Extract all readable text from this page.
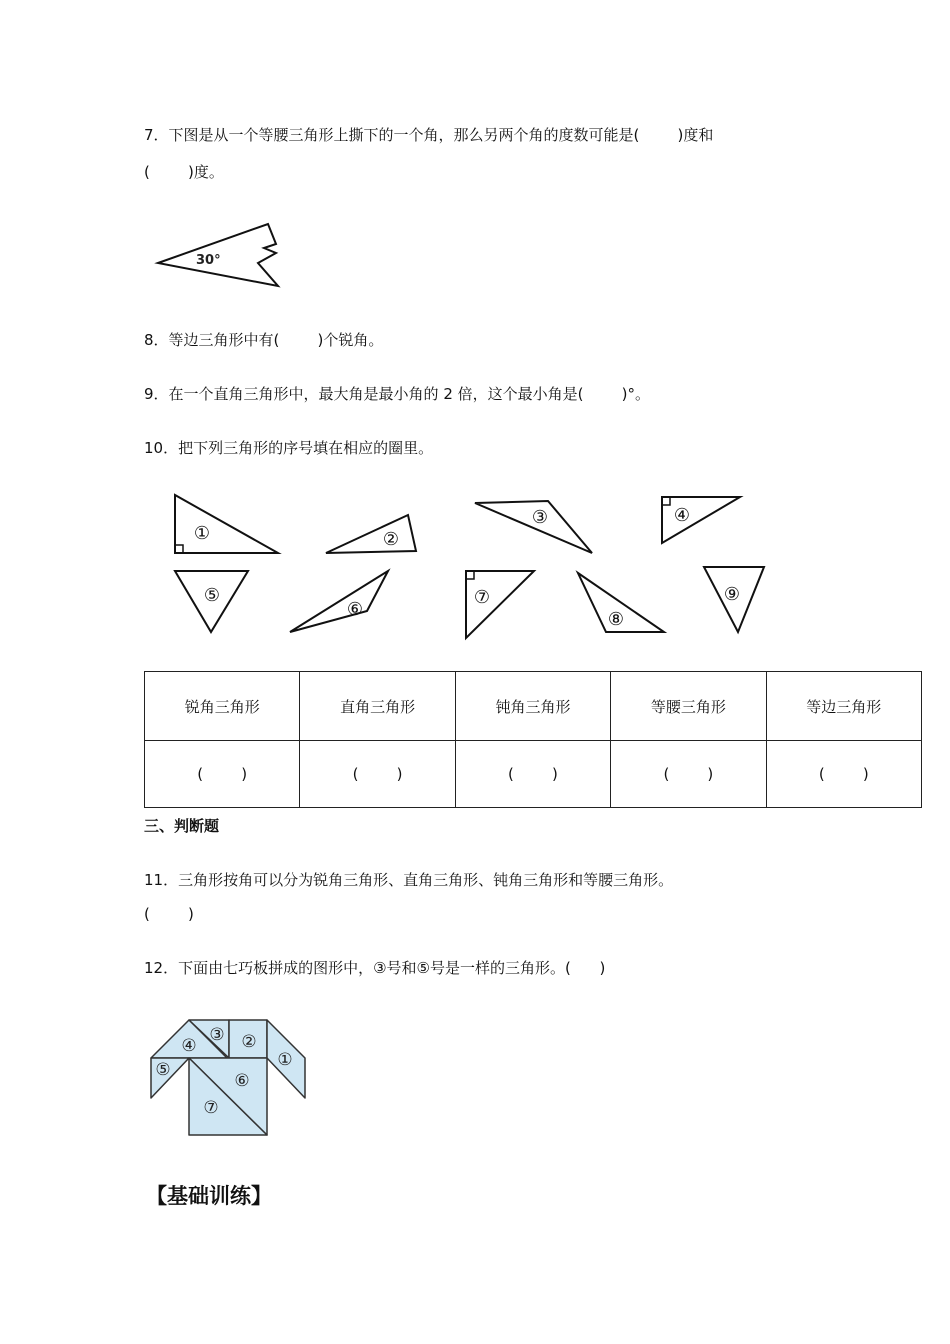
7．下图是从一个等腰三角形上撕下的一个角，那么另两个角的度数可能是(        )度和
(        )度。
30°
8．等边三角形中有(        )个锐角。
9．在一个直角三角形中，最大角是最小角的 2 倍，这个最小角是(        )°。
10．把下列三角形的序号填在相应的圈里。
①	②
③	④
⑤
⑥
⑦
⑧
⑨
锐角三角形	直角三角形	钝角三角形	等腰三角形	等边三角形
(        )	(        )	(        )	(        )	(        )
三、判断题
11．三角形按角可以分为锐角三角形、直角三角形、钝角三角形和等腰三角形。
(        )
12．下面由七巧板拼成的图形中，③号和⑤号是一样的三角形。(      )
④
③ ②
①
⑤
⑥
⑦
【基础训练】
